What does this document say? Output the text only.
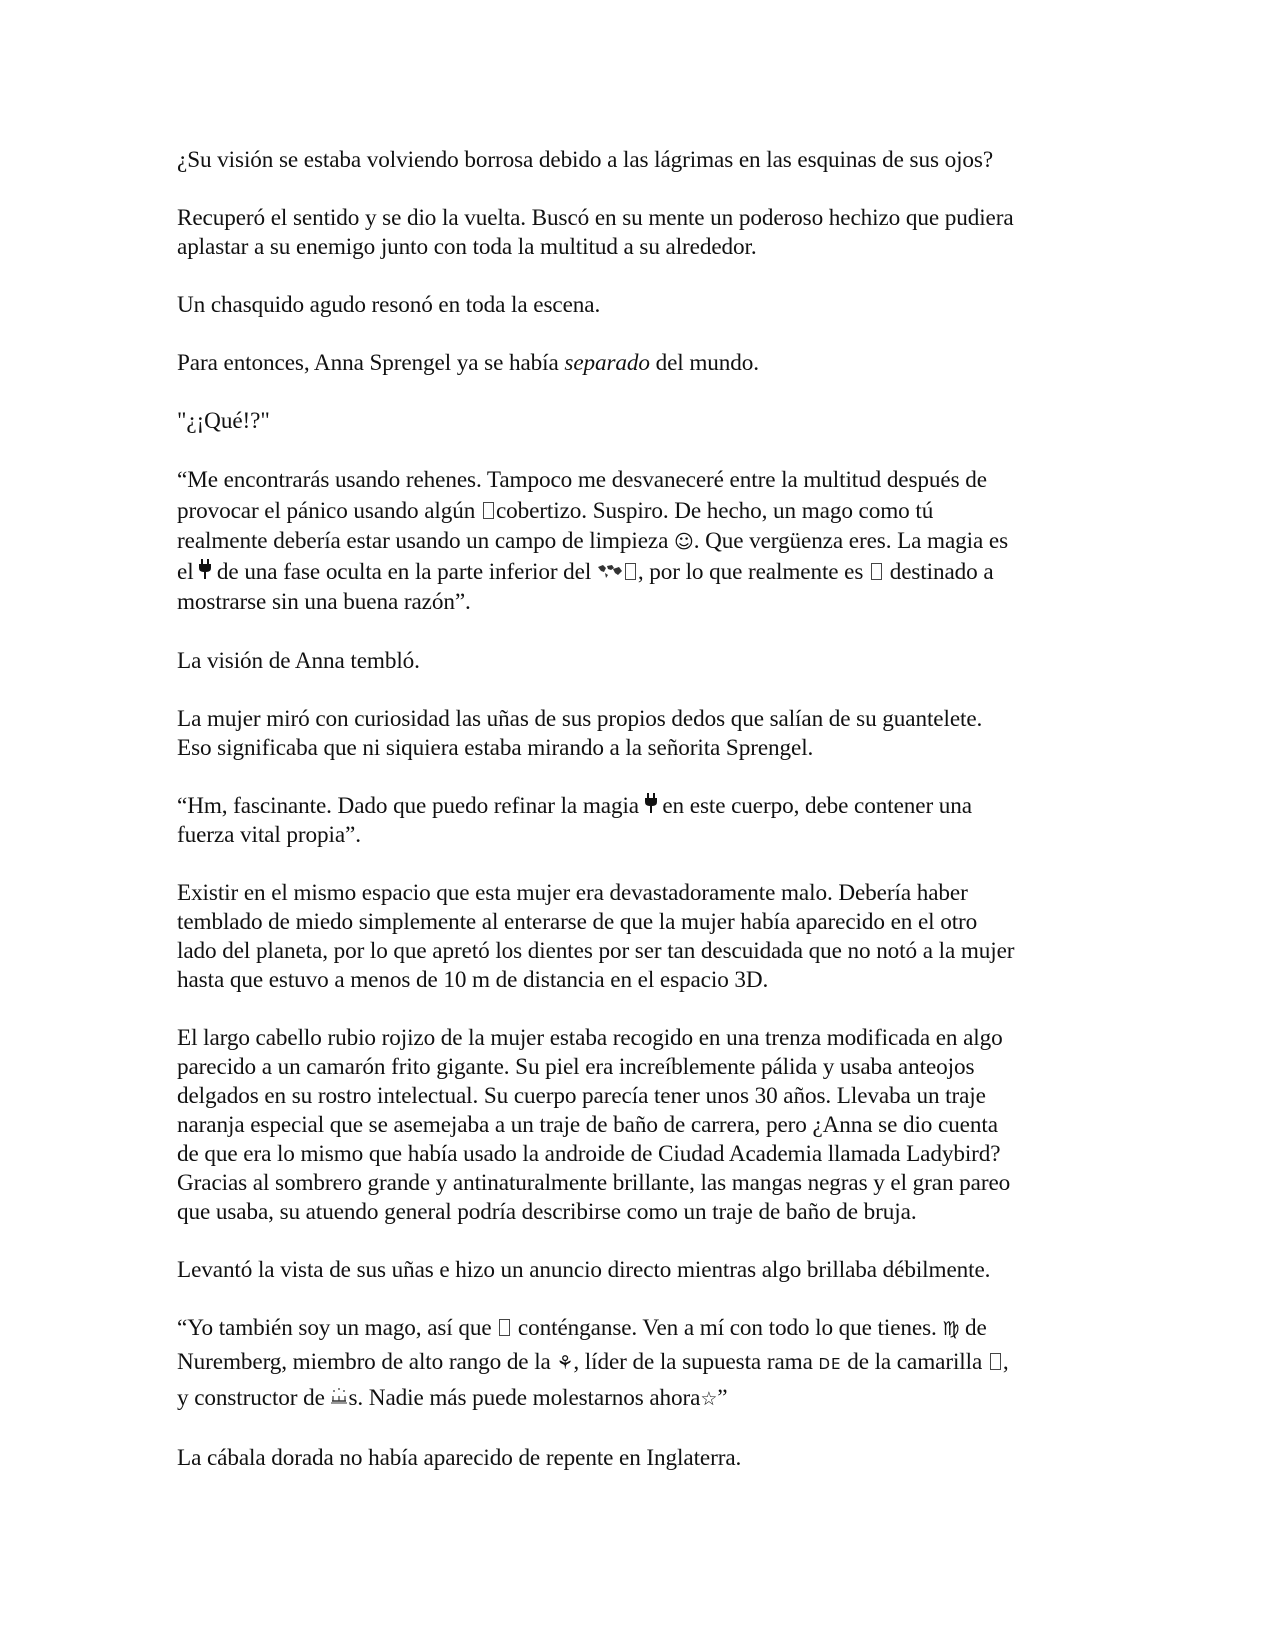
¿Su visión se estaba volviendo borrosa debido a las lágrimas en las esquinas de sus ojos?

Recuperó el sentido y se dio la vuelta. Buscó en su mente un poderoso hechizo que pudiera
aplastar a su enemigo junto con toda la multitud a su alrededor.

Un chasquido agudo resonó en toda la escena.

Para entonces, Anna Sprengel ya se había separado del mundo.

"¿¡Qué!?"

“Me encontrarás usando rehenes. Tampoco me desvaneceré entre la multitud después de
provocar el pánico usando algún cobertizo. Suspiro. De hecho, un mago como tú
realmente debería estar usando un campo de limpieza ☺. Que vergüenza eres. La magia es
el  de una fase oculta en la parte inferior del , por lo que realmente es  destinado a
mostrarse sin una buena razón”.

La visión de Anna tembló.

La mujer miró con curiosidad las uñas de sus propios dedos que salían de su guantelete.
Eso significaba que ni siquiera estaba mirando a la señorita Sprengel.

“Hm, fascinante. Dado que puedo refinar la magia  en este cuerpo, debe contener una
fuerza vital propia”.

Existir en el mismo espacio que esta mujer era devastadoramente malo. Debería haber
temblado de miedo simplemente al enterarse de que la mujer había aparecido en el otro
lado del planeta, por lo que apretó los dientes por ser tan descuidada que no notó a la mujer
hasta que estuvo a menos de 10 m de distancia en el espacio 3D.

El largo cabello rubio rojizo de la mujer estaba recogido en una trenza modificada en algo
parecido a un camarón frito gigante. Su piel era increíblemente pálida y usaba anteojos
delgados en su rostro intelectual. Su cuerpo parecía tener unos 30 años. Llevaba un traje
naranja especial que se asemejaba a un traje de baño de carrera, pero ¿Anna se dio cuenta
de que era lo mismo que había usado la androide de Ciudad Academia llamada Ladybird?
Gracias al sombrero grande y antinaturalmente brillante, las mangas negras y el gran pareo
que usaba, su atuendo general podría describirse como un traje de baño de bruja.

Levantó la vista de sus uñas e hizo un anuncio directo mientras algo brillaba débilmente.

“Yo también soy un mago, así que  conténganse. Ven a mí con todo lo que tienes. ♍ de
Nuremberg, miembro de alto rango de la ⚘, líder de la supuesta rama DE de la camarilla ,
y constructor de s. Nadie más puede molestarnos ahora☆”

La cábala dorada no había aparecido de repente en Inglaterra.
